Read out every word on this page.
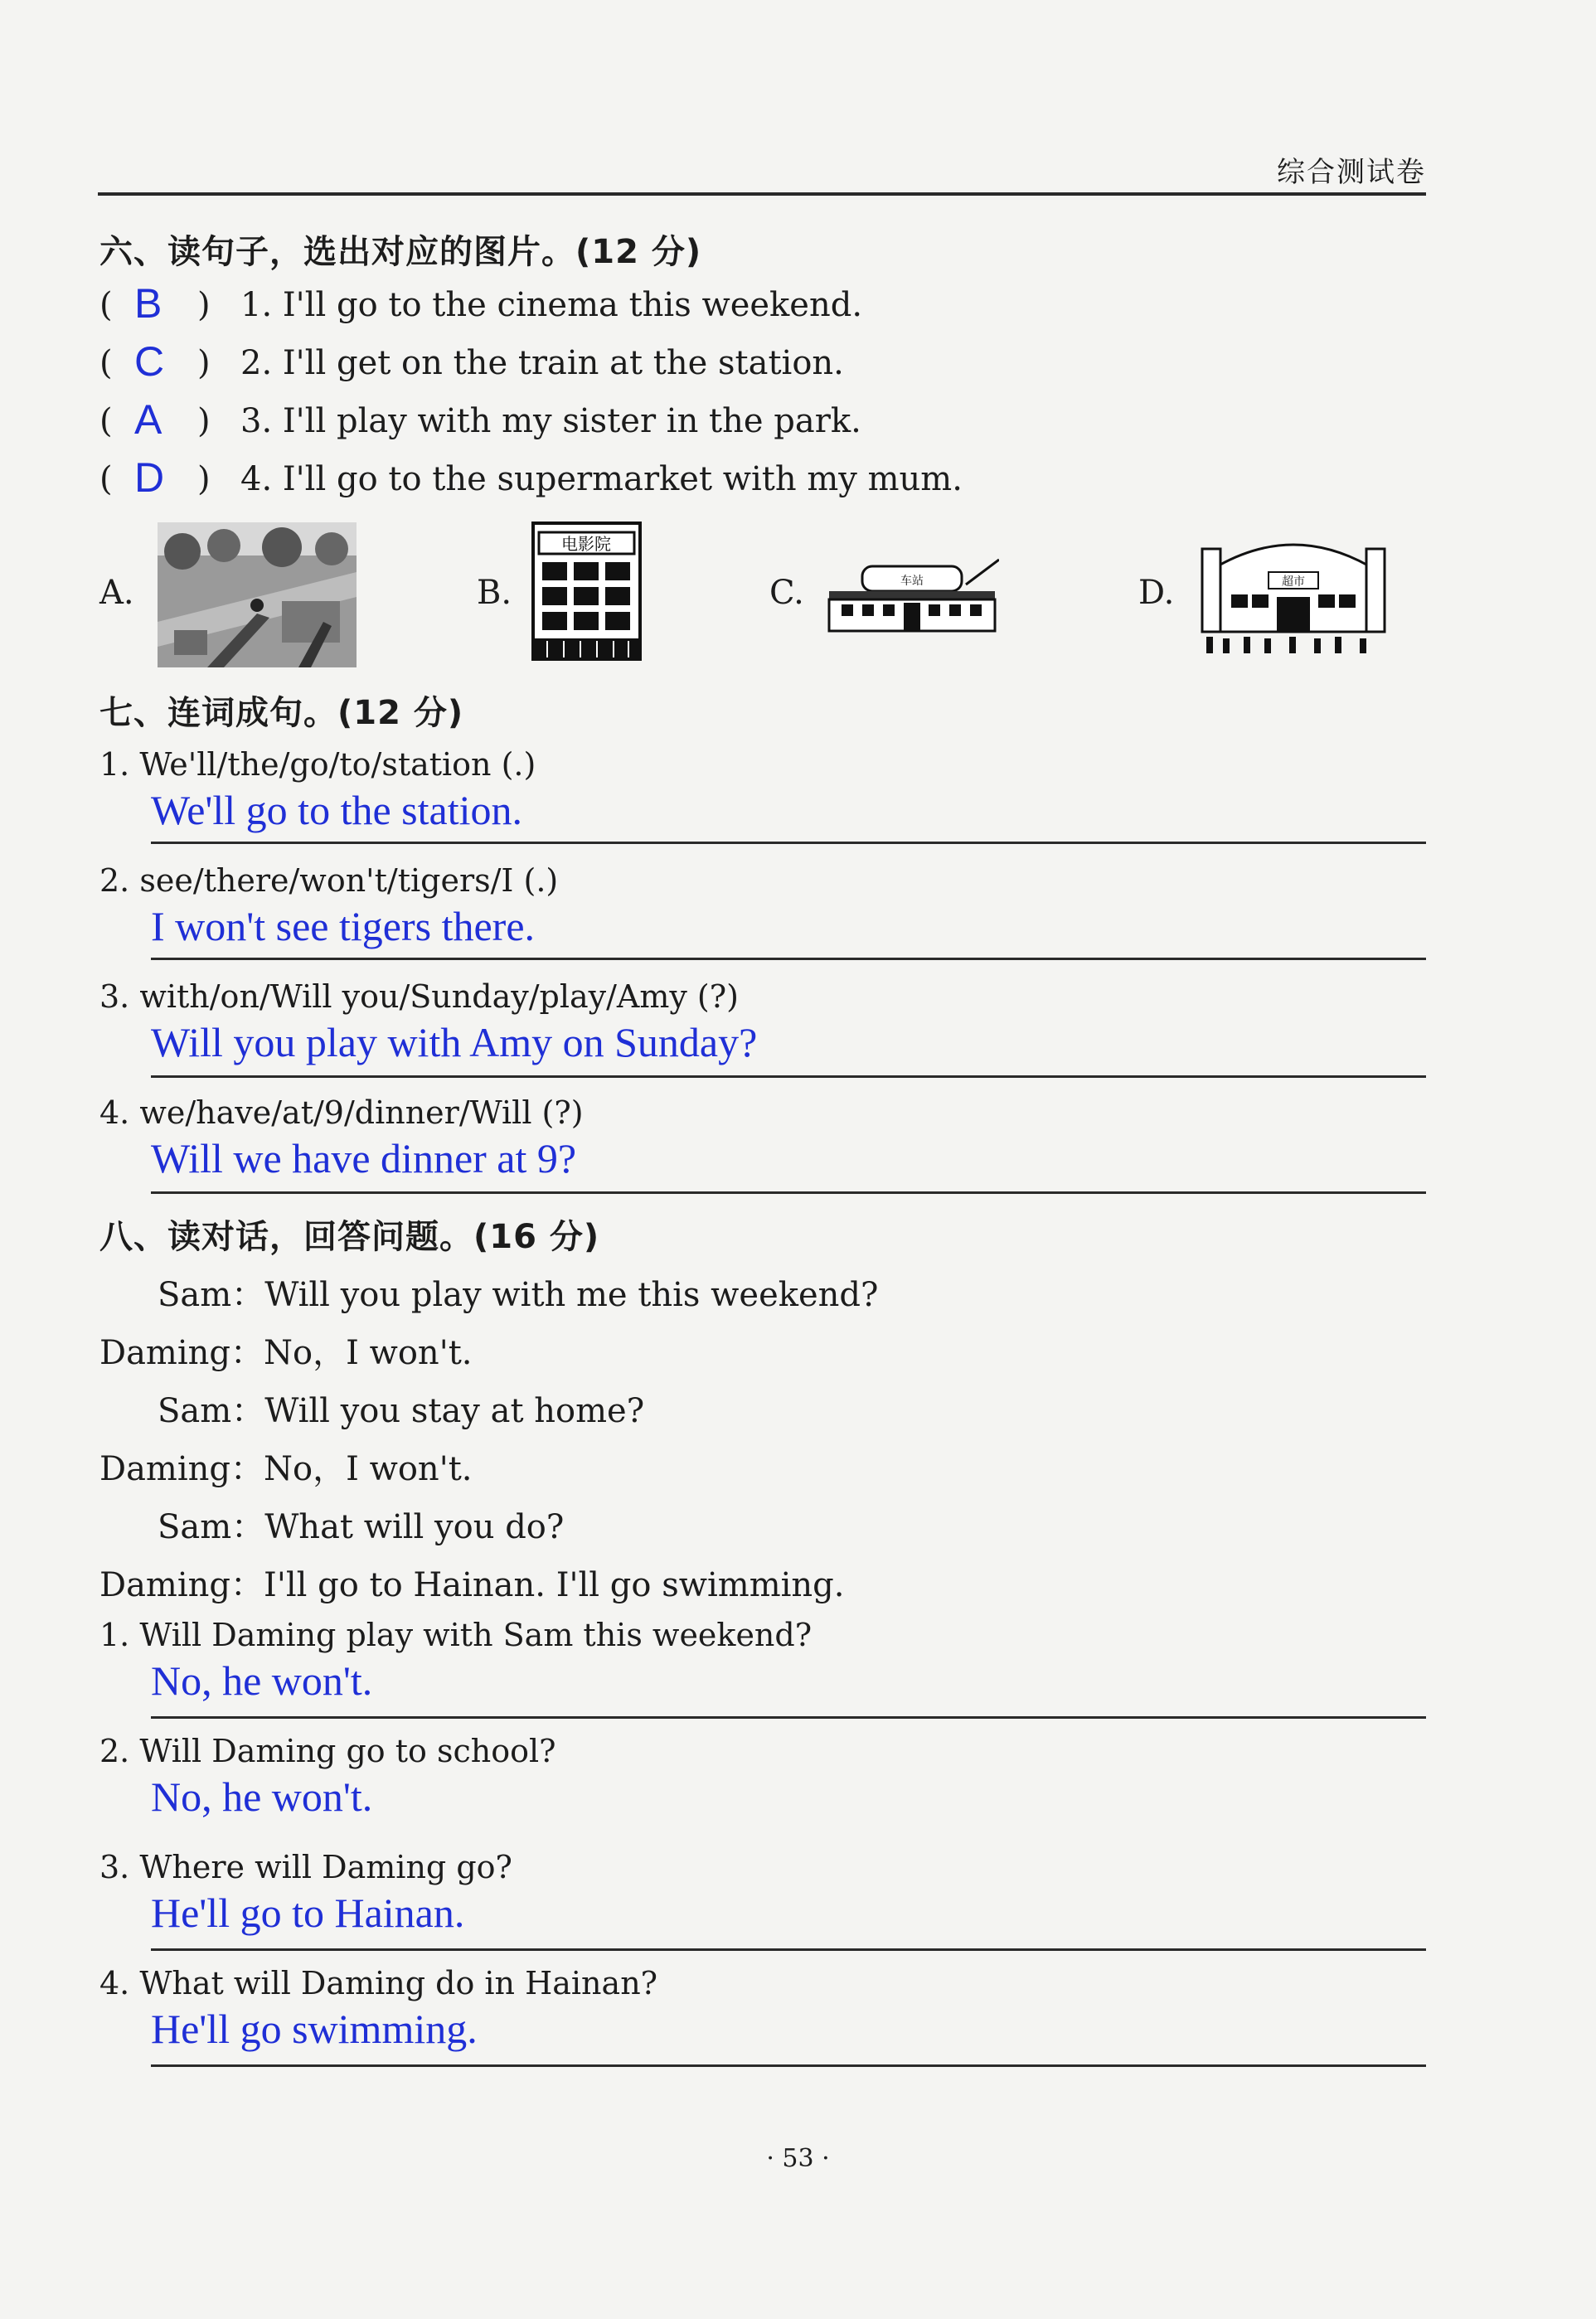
综合测试卷
六、读句子，选出对应的图片。(12 分)
( B ) 1. I'll go to the cinema this weekend.
( C ) 2. I'll get on the train at the station.
( A ) 3. I'll play with my sister in the park.
( D ) 4. I'll go to the supermarket with my mum.
A.	B.
电影院
C.	车站	D.	超市
七、连词成句。(12 分)
1. We'll/the/go/to/station (.)
We'll go to the station.
2. see/there/won't/tigers/I (.)
I won't see tigers there.
3. with/on/Will you/Sunday/play/Amy (?)
Will you play with Amy on Sunday?
4. we/have/at/9/dinner/Will (?)
Will we have dinner at 9?
八、读对话，回答问题。(16 分)
Sam：Will you play with me this weekend?
Daming：No，I won't.
Sam：Will you stay at home?
Daming：No，I won't.
Sam：What will you do?
Daming：I'll go to Hainan. I'll go swimming.
1. Will Daming play with Sam this weekend?
No, he won't.
2. Will Daming go to school?
No, he won't.
3. Where will Daming go?
He'll go to Hainan.
4. What will Daming do in Hainan?
He'll go swimming.
· 53 ·
